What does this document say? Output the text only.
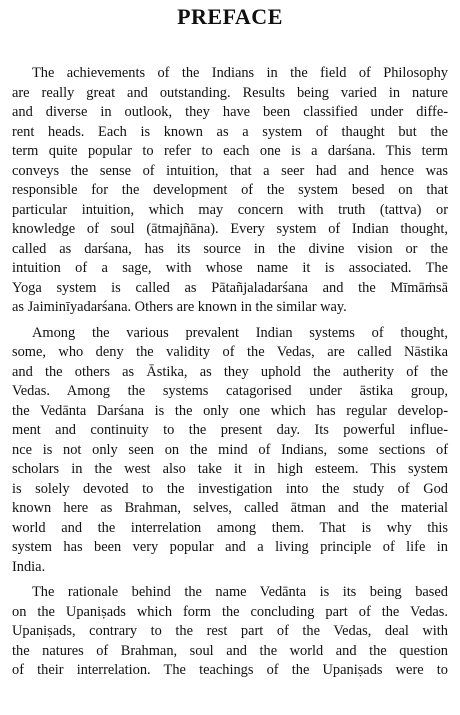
PREFACE

The achievements of the Indians in the field of Philosophy
are really great and outstanding. Results being varied in nature
and diverse in outlook, they have been classified under diffe-
rent heads. Each is known as a system of thaught but the
term quite popular to refer to each one is a darśana. This term
conveys the sense of intuition, that a seer had and hence was
responsible for the development of the system besed on that
particular intuition, which may concern with truth (tattva) or
knowledge of soul (ātmajñāna). Every system of Indian thought,
called as darśana, has its source in the divine vision or the
intuition of a sage, with whose name it is associated. The
Yoga system is called as Pātañjaladarśana and the Mīmāṁsā
as Jaiminīyadarśana. Others are known in the similar way.

Among the various prevalent Indian systems of thought,
some, who deny the validity of the Vedas, are called Nāstika
and the others as Āstika, as they uphold the autherity of the
Vedas. Among the systems catagorised under āstika group,
the Vedānta Darśana is the only one which has regular develop-
ment and continuity to the present day. Its powerful influe-
nce is not only seen on the mind of Indians, some sections of
scholars in the west also take it in high esteem. This system
is solely devoted to the investigation into the study of God
known here as Brahman, selves, called ātman and the material
world and the interrelation among them. That is why this
system has been very popular and a living principle of life in
India.

The rationale behind the name Vedānta is its being based
on the Upaniṣads which form the concluding part of the Vedas.
Upaniṣads, contrary to the rest part of the Vedas, deal with
the natures of Brahman, soul and the world and the question
of their interrelation. The teachings of the Upaniṣads were to
